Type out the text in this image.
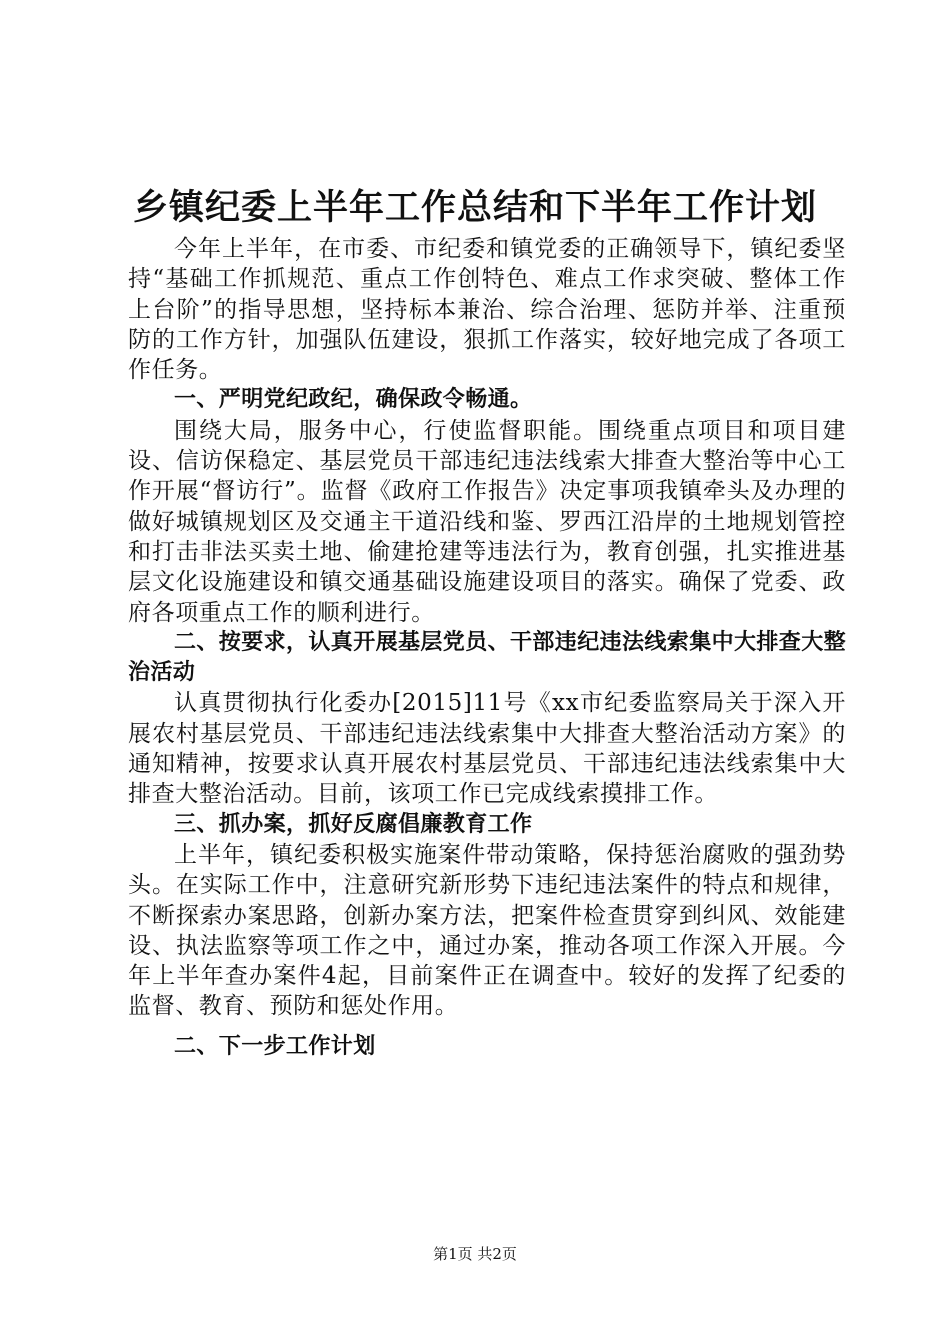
乡镇纪委上半年工作总结和下半年工作计划

今年上半年，在市委、市纪委和镇党委的正确领导下，镇纪委坚持“基础工作抓规范、重点工作创特色、难点工作求突破、整体工作上台阶”的指导思想，坚持标本兼治、综合治理、惩防并举、注重预防的工作方针，加强队伍建设，狠抓工作落实，较好地完成了各项工作任务。

一、严明党纪政纪，确保政令畅通。

围绕大局，服务中心，行使监督职能。围绕重点项目和项目建设、信访保稳定、基层党员干部违纪违法线索大排查大整治等中心工作开展“督访行”。监督《政府工作报告》决定事项我镇牵头及办理的做好城镇规划区及交通主干道沿线和鉴、罗西江沿岸的土地规划管控和打击非法买卖土地、偷建抢建等违法行为，教育创强，扎实推进基层文化设施建设和镇交通基础设施建设项目的落实。确保了党委、政府各项重点工作的顺利进行。

二、按要求，认真开展基层党员、干部违纪违法线索集中大排查大整治活动

认真贯彻执行化委办[2015]11号《xx市纪委监察局关于深入开展农村基层党员、干部违纪违法线索集中大排查大整治活动方案》的通知精神，按要求认真开展农村基层党员、干部违纪违法线索集中大排查大整治活动。目前，该项工作已完成线索摸排工作。

三、抓办案，抓好反腐倡廉教育工作

上半年，镇纪委积极实施案件带动策略，保持惩治腐败的强劲势头。在实际工作中，注意研究新形势下违纪违法案件的特点和规律，不断探索办案思路，创新办案方法，把案件检查贯穿到纠风、效能建设、执法监察等项工作之中，通过办案，推动各项工作深入开展。今年上半年查办案件4起，目前案件正在调查中。较好的发挥了纪委的监督、教育、预防和惩处作用。

二、下一步工作计划

第1页 共2页
